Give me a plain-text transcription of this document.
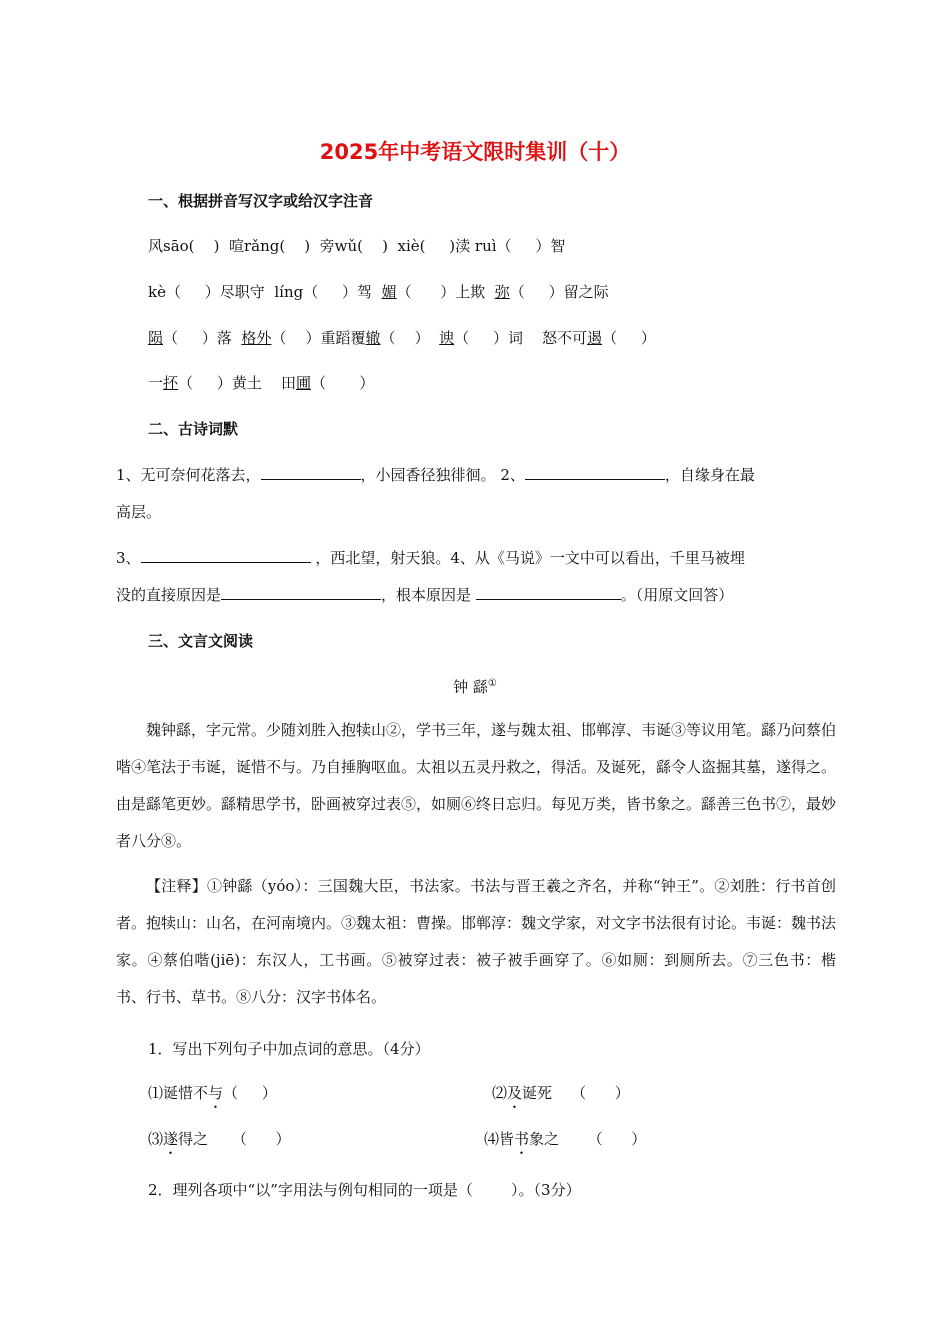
2025年中考语文限时集训（十）
一、根据拼音写汉字或给汉字注音
风sāo(    )  喧rǎng(    )  旁wǔ(    )  xiè(     )渎 ruì（     ）智
kè（     ）尽职守  líng（     ）驾  媚（      ）上欺  弥（     ）留之际
陨（     ）落  格外（    ）重蹈覆辙（    ）  谀（     ）词    怒不可遏（     ）
一抔（     ）黄土    田圃（       ）
二、古诗词默
1、无可奈何花落去，	，小园香径独徘徊。 2、	，自缘身在最
高层。
3、	，西北望，射天狼。4、从《马说》一文中可以看出，千里马被埋
没的直接原因是	，根本原因是	。（用原文回答）
三、文言文阅读
钟 繇①
魏钟繇，字元常。少随刘胜入抱犊山②，学书三年，遂与魏太祖、邯郸淳、韦诞③等议用笔。繇乃问蔡伯喈④笔法于韦诞，诞惜不与。乃自捶胸呕血。太祖以五灵丹救之，得活。及诞死，繇令人盗掘其墓，遂得之。由是繇笔更妙。繇精思学书，卧画被穿过表⑤，如厕⑥终日忘归。每见万类，皆书象之。繇善三色书⑦，最妙者八分⑧。
【注释】①钟繇（yóo）：三国魏大臣，书法家。书法与晋王羲之齐名，并称“钟王”。②刘胜：行书首创者。抱犊山：山名，在河南境内。③魏太祖：曹操。邯郸淳：魏文学家，对文字书法很有讨论。韦诞：魏书法家。④蔡伯喈(jiē)：东汉人，工书画。⑤被穿过表：被子被手画穿了。⑥如厕：到厕所去。⑦三色书：楷书、行书、草书。⑧八分：汉字书体名。
1．写出下列句子中加点词的意思。（4分）
⑴诞惜不与（     ）	⑵及诞死    （      ）
⑶遂得之     （      ）	⑷皆书象之      （      ）
2．理列各项中“以”字用法与例句相同的一项是（        ）。（3分）
